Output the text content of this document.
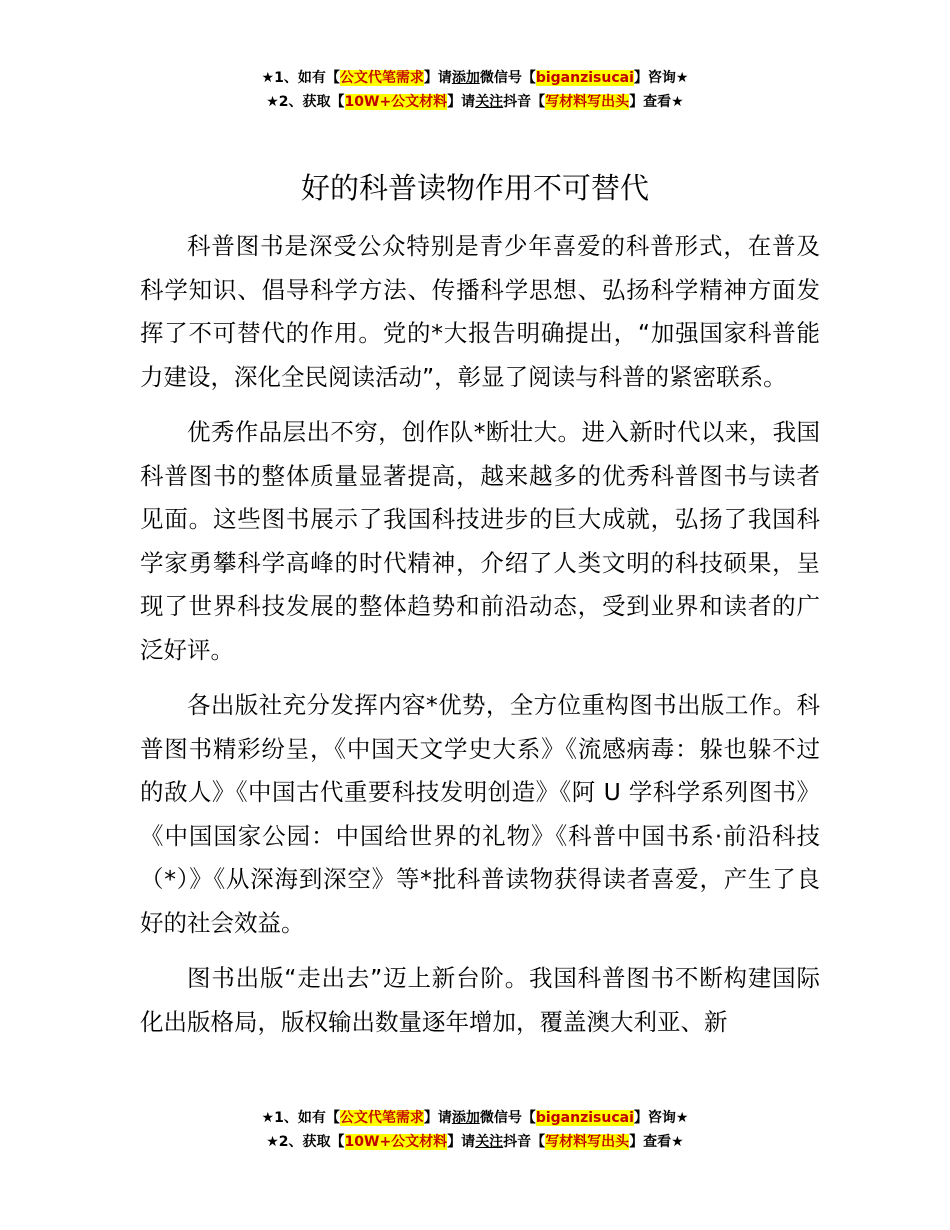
★1、如有【公文代笔需求】请添加微信号【biganzisucai】咨询★
★2、获取【10W+公文材料】请关注抖音【写材料写出头】查看★
好的科普读物作用不可替代

科普图书是深受公众特别是青少年喜爱的科普形式，在普及科学知识、倡导科学方法、传播科学思想、弘扬科学精神方面发挥了不可替代的作用。党的*大报告明确提出，“加强国家科普能力建设，深化全民阅读活动”，彰显了阅读与科普的紧密联系。

优秀作品层出不穷，创作队*断壮大。进入新时代以来，我国科普图书的整体质量显著提高，越来越多的优秀科普图书与读者见面。这些图书展示了我国科技进步的巨大成就，弘扬了我国科学家勇攀科学高峰的时代精神，介绍了人类文明的科技硕果，呈现了世界科技发展的整体趋势和前沿动态，受到业界和读者的广泛好评。

各出版社充分发挥内容*优势，全方位重构图书出版工作。科普图书精彩纷呈，《中国天文学史大系》《流感病毒：躲也躲不过的敌人》《中国古代重要科技发明创造》《阿 U 学科学系列图书》《中国国家公园：中国给世界的礼物》《科普中国书系·前沿科技（*）》《从深海到深空》等*批科普读物获得读者喜爱，产生了良好的社会效益。

图书出版“走出去”迈上新台阶。我国科普图书不断构建国际化出版格局，版权输出数量逐年增加，覆盖澳大利亚、新

★1、如有【公文代笔需求】请添加微信号【biganzisucai】咨询★
★2、获取【10W+公文材料】请关注抖音【写材料写出头】查看★
